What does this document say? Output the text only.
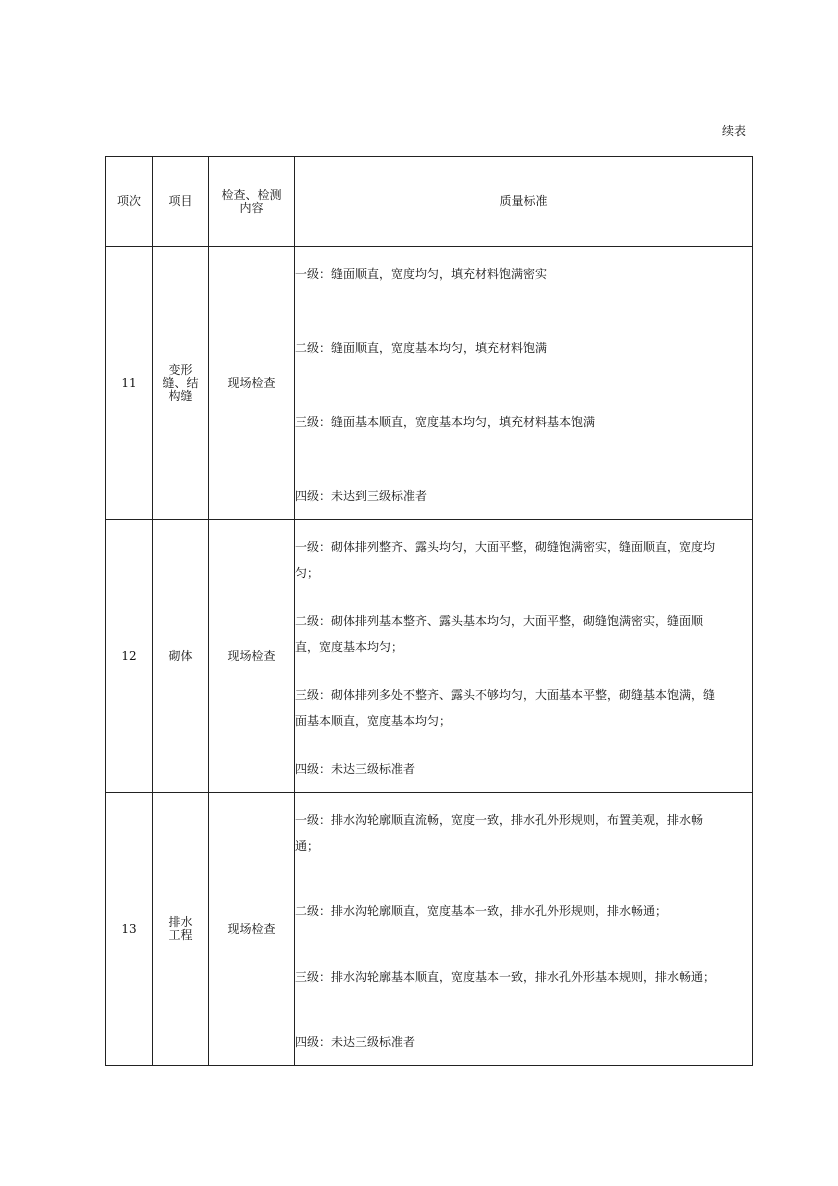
续表
项次	项目	检查、检测内容	质量标准
11	变形缝、结构缝	现场检查	一级：缝面顺直，宽度均匀，填充材料饱满密实

二级：缝面顺直，宽度基本均匀，填充材料饱满

三级：缝面基本顺直，宽度基本均匀，填充材料基本饱满

四级：未达到三级标准者

12	砌体	现场检查	一级：砌体排列整齐、露头均匀，大面平整，砌缝饱满密实，缝面顺直，宽度均匀；

二级：砌体排列基本整齐、露头基本均匀，大面平整，砌缝饱满密实，缝面顺直，宽度基本均匀；

三级：砌体排列多处不整齐、露头不够均匀，大面基本平整，砌缝基本饱满，缝面基本顺直，宽度基本均匀；

四级：未达三级标准者

13	排水工程	现场检查	一级：排水沟轮廓顺直流畅，宽度一致，排水孔外形规则，布置美观，排水畅通；

二级：排水沟轮廓顺直，宽度基本一致，排水孔外形规则，排水畅通；

三级：排水沟轮廓基本顺直，宽度基本一致，排水孔外形基本规则，排水畅通；

四级：未达三级标准者
